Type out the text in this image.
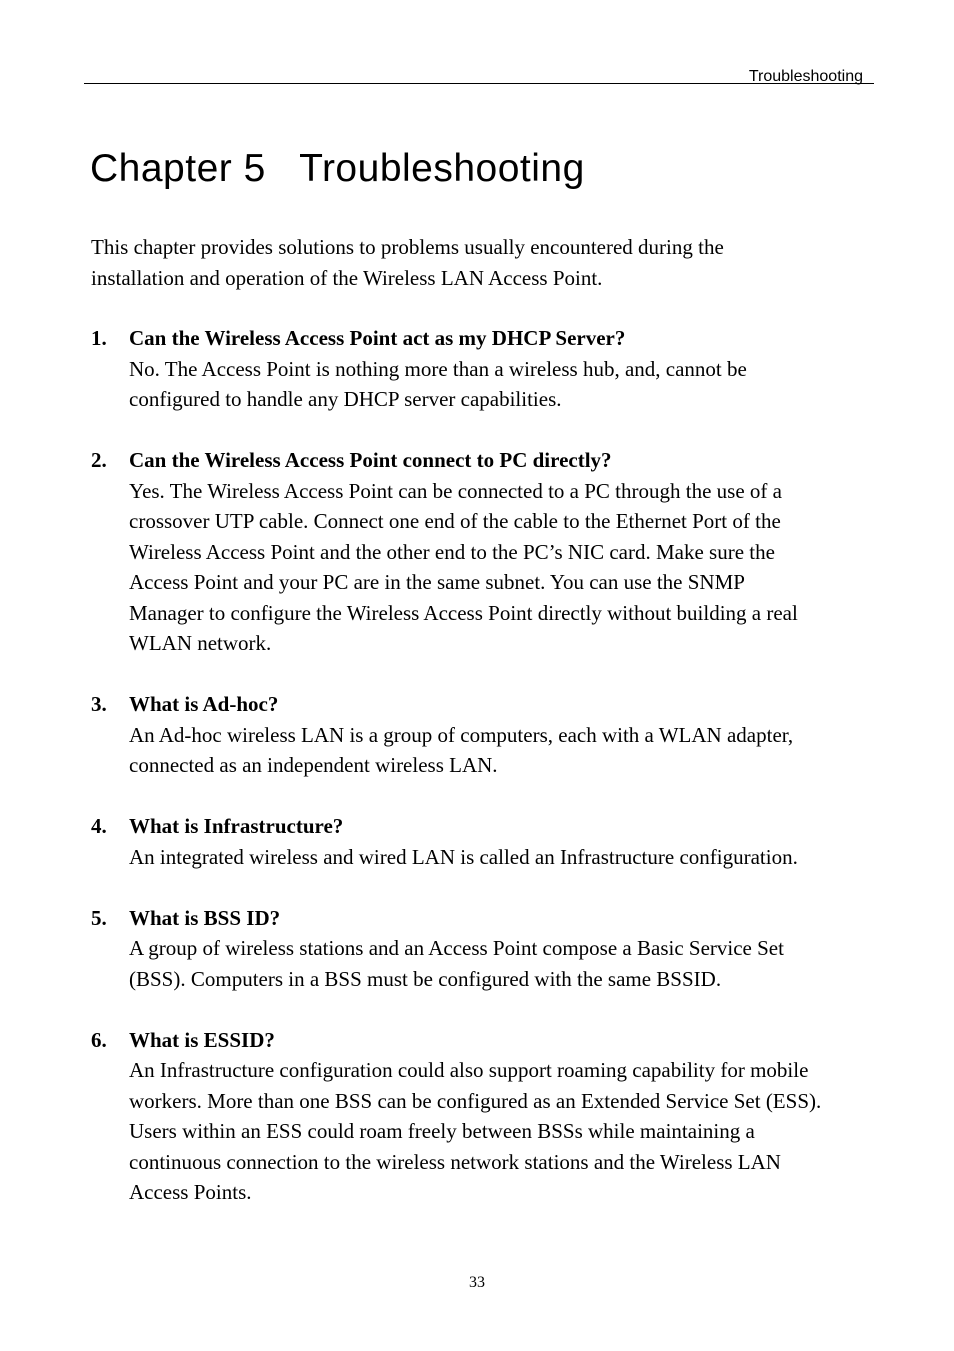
Troubleshooting
Chapter 5   Troubleshooting

This chapter provides solutions to problems usually encountered during the
installation and operation of the Wireless LAN Access Point.

1. Can the Wireless Access Point act as my DHCP Server?
No. The Access Point is nothing more than a wireless hub, and, cannot be
configured to handle any DHCP server capabilities.
2. Can the Wireless Access Point connect to PC directly?
Yes. The Wireless Access Point can be connected to a PC through the use of a
crossover UTP cable. Connect one end of the cable to the Ethernet Port of the
Wireless Access Point and the other end to the PC’s NIC card. Make sure the
Access Point and your PC are in the same subnet. You can use the SNMP
Manager to configure the Wireless Access Point directly without building a real
WLAN network.
3. What is Ad-hoc?
An Ad-hoc wireless LAN is a group of computers, each with a WLAN adapter,
connected as an independent wireless LAN.
4. What is Infrastructure?
An integrated wireless and wired LAN is called an Infrastructure configuration.
5. What is BSS ID?
A group of wireless stations and an Access Point compose a Basic Service Set
(BSS). Computers in a BSS must be configured with the same BSSID.
6. What is ESSID?
An Infrastructure configuration could also support roaming capability for mobile
workers. More than one BSS can be configured as an Extended Service Set (ESS).
Users within an ESS could roam freely between BSSs while maintaining a
continuous connection to the wireless network stations and the Wireless LAN
Access Points.
33
